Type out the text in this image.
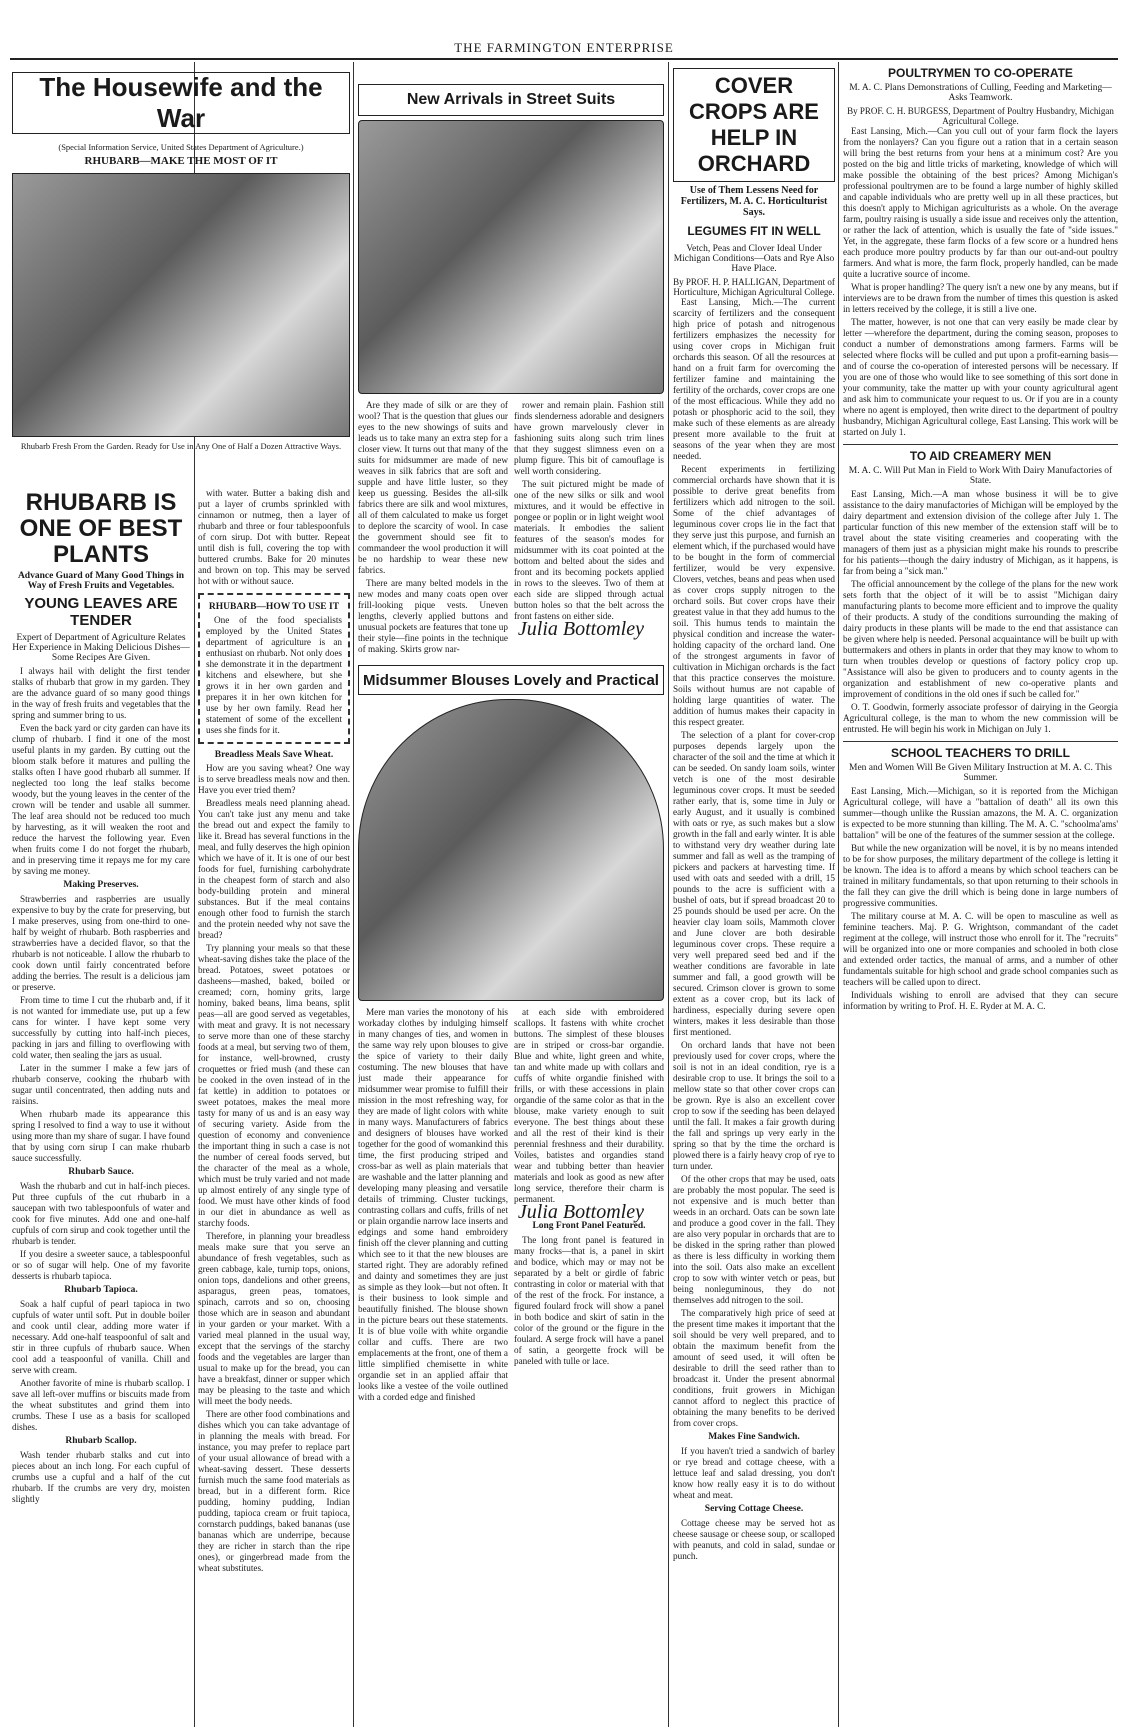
THE FARMINGTON ENTERPRISE
The Housewife and the War
(Special Information Service, United States Department of Agriculture.)
RHUBARB—MAKE THE MOST OF IT
Rhubarb Fresh From the Garden. Ready for Use in Any One of Half a Dozen Attractive Ways.
RHUBARB IS ONE OF BEST PLANTS
Advance Guard of Many Good Things in Way of Fresh Fruits and Vegetables.
YOUNG LEAVES ARE TENDER
Expert of Department of Agriculture Relates Her Experience in Making Delicious Dishes—Some Recipes Are Given.

I always hail with delight the first tender stalks of rhubarb that grow in my garden. They are the advance guard of so many good things in the way of fresh fruits and vegetables that the spring and summer bring to us.

Even the back yard or city garden can have its clump of rhubarb. I find it one of the most useful plants in my garden. By cutting out the bloom stalk before it matures and pulling the stalks often I have good rhubarb all summer. If neglected too long the leaf stalks become woody, but the young leaves in the center of the crown will be tender and usable all summer. The leaf area should not be reduced too much by harvesting, as it will weaken the root and reduce the harvest the following year. Even when fruits come I do not forget the rhubarb, and in preserving time it repays me for my care by saving me money.

Making Preserves.

Strawberries and raspberries are usually expensive to buy by the crate for preserving, but I make preserves, using from one-third to one-half by weight of rhubarb. Both raspberries and strawberries have a decided flavor, so that the rhubarb is not noticeable. I allow the rhubarb to cook down until fairly concentrated before adding the berries. The result is a delicious jam or preserve.

From time to time I cut the rhubarb and, if it is not wanted for immediate use, put up a few cans for winter. I have kept some very successfully by cutting into half-inch pieces, packing in jars and filling to overflowing with cold water, then sealing the jars as usual.

Later in the summer I make a few jars of rhubarb conserve, cooking the rhubarb with sugar until concentrated, then adding nuts and raisins.

When rhubarb made its appearance this spring I resolved to find a way to use it without using more than my share of sugar. I have found that by using corn sirup I can make rhubarb sauce successfully.

Rhubarb Sauce.

Wash the rhubarb and cut in half-inch pieces. Put three cupfuls of the cut rhubarb in a saucepan with two tablespoonfuls of water and cook for five minutes. Add one and one-half cupfuls of corn sirup and cook together until the rhubarb is tender.

If you desire a sweeter sauce, a tablespoonful or so of sugar will help. One of my favorite desserts is rhubarb tapioca.

Rhubarb Tapioca.

Soak a half cupful of pearl tapioca in two cupfuls of water until soft. Put in double boiler and cook until clear, adding more water if necessary. Add one-half teaspoonful of salt and stir in three cupfuls of rhubarb sauce. When cool add a teaspoonful of vanilla. Chill and serve with cream.

Another favorite of mine is rhubarb scallop. I save all left-over muffins or biscuits made from the wheat substitutes and grind them into crumbs. These I use as a basis for scalloped dishes.

Rhubarb Scallop.

Wash tender rhubarb stalks and cut into pieces about an inch long. For each cupful of crumbs use a cupful and a half of the cut rhubarb. If the crumbs are very dry, moisten slightly

with water. Butter a baking dish and put a layer of crumbs sprinkled with cinnamon or nutmeg, then a layer of rhubarb and three or four tablespoonfuls of corn sirup. Dot with butter. Repeat until dish is full, covering the top with buttered crumbs. Bake for 20 minutes and brown on top. This may be served hot with or without sauce.

RHUBARB—HOW TO USE IT

One of the food specialists employed by the United States department of agriculture is an enthusiast on rhubarb. Not only does she demonstrate it in the department kitchens and elsewhere, but she grows it in her own garden and prepares it in her own kitchen for use by her own family. Read her statement of some of the excellent uses she finds for it.

Breadless Meals Save Wheat.

How are you saving wheat? One way is to serve breadless meals now and then. Have you ever tried them?

Breadless meals need planning ahead. You can't take just any menu and take the bread out and expect the family to like it. Bread has several functions in the meal, and fully deserves the high opinion which we have of it. It is one of our best foods for fuel, furnishing carbohydrate in the cheapest form of starch and also body-building protein and mineral substances. But if the meal contains enough other food to furnish the starch and the protein needed why not save the bread?

Try planning your meals so that these wheat-saving dishes take the place of the bread. Potatoes, sweet potatoes or dasheens—mashed, baked, boiled or creamed; corn, hominy grits, large hominy, baked beans, lima beans, split peas—all are good served as vegetables, with meat and gravy. It is not necessary to serve more than one of these starchy foods at a meal, but serving two of them, for instance, well-browned, crusty croquettes or fried mush (and these can be cooked in the oven instead of in the fat kettle) in addition to potatoes or sweet potatoes, makes the meal more tasty for many of us and is an easy way of securing variety. Aside from the question of economy and convenience the important thing in such a case is not the number of cereal foods served, but the character of the meal as a whole, which must be truly varied and not made up almost entirely of any single type of food. We must have other kinds of food in our diet in abundance as well as starchy foods.

Therefore, in planning your breadless meals make sure that you serve an abundance of fresh vegetables, such as green cabbage, kale, turnip tops, onions, onion tops, dandelions and other greens, asparagus, green peas, tomatoes, spinach, carrots and so on, choosing those which are in season and abundant in your garden or your market. With a varied meal planned in the usual way, except that the servings of the starchy foods and the vegetables are larger than usual to make up for the bread, you can have a breakfast, dinner or supper which may be pleasing to the taste and which will meet the body needs.

There are other food combinations and dishes which you can take advantage of in planning the meals with bread. For instance, you may prefer to replace part of your usual allowance of bread with a wheat-saving dessert. These desserts furnish much the same food materials as bread, but in a different form. Rice pudding, hominy pudding, Indian pudding, tapioca cream or fruit tapioca, cornstarch puddings, baked bananas (use bananas which are underripe, because they are richer in starch than the ripe ones), or gingerbread made from the wheat substitutes.

New Arrivals in Street Suits

Are they made of silk or are they of wool? That is the question that glues our eyes to the new showings of suits and leads us to take many an extra step for a closer view. It turns out that many of the suits for midsummer are made of new weaves in silk fabrics that are soft and supple and have little luster, so they keep us guessing. Besides the all-silk fabrics there are silk and wool mixtures, all of them calculated to make us forget to deplore the scarcity of wool. In case the government should see fit to commandeer the wool production it will be no hardship to wear these new fabrics.

There are many belted models in the new modes and many coats open over frill-looking pique vests. Uneven lengths, cleverly applied buttons and unusual pockets are features that tone up their style—fine points in the technique of making. Skirts grow nar-

rower and remain plain. Fashion still finds slenderness adorable and designers have grown marvelously clever in fashioning suits along such trim lines that they suggest slimness even on a plump figure. This bit of camouflage is well worth considering.

The suit pictured might be made of one of the new silks or silk and wool mixtures, and it would be effective in pongee or poplin or in light weight wool materials. It embodies the salient features of the season's modes for midsummer with its coat pointed at the bottom and belted about the sides and front and its becoming pockets applied in rows to the sleeves. Two of them at each side are slipped through actual button holes so that the belt across the front fastens on either side.

Julia Bottomley
Midsummer Blouses Lovely and Practical

Mere man varies the monotony of his workaday clothes by indulging himself in many changes of ties, and women in the same way rely upon blouses to give the spice of variety to their daily costuming. The new blouses that have just made their appearance for midsummer wear promise to fulfill their mission in the most refreshing way, for they are made of light colors with white in many ways. Manufacturers of fabrics and designers of blouses have worked together for the good of womankind this time, the first producing striped and cross-bar as well as plain materials that are washable and the latter planning and developing many pleasing and versatile details of trimming. Cluster tuckings, contrasting collars and cuffs, frills of net or plain organdie narrow lace inserts and edgings and some hand embroidery finish off the clever planning and cutting which see to it that the new blouses are started right. They are adorably refined and dainty and sometimes they are just as simple as they look—but not often. It is their business to look simple and beautifully finished. The blouse shown in the picture bears out these statements. It is of blue voile with white organdie collar and cuffs. There are two emplacements at the front, one of them a little simplified chemisette in white organdie set in an applied affair that looks like a vestee of the voile outlined with a corded edge and finished

at each side with embroidered scallops. It fastens with white crochet buttons. The simplest of these blouses are in striped or cross-bar organdie. Blue and white, light green and white, tan and white made up with collars and cuffs of white organdie finished with frills, or with these accessions in plain organdie of the same color as that in the blouse, make variety enough to suit everyone. The best things about these and all the rest of their kind is their perennial freshness and their durability. Voiles, batistes and organdies stand wear and tubbing better than heavier materials and look as good as new after long service, therefore their charm is permanent.

Julia Bottomley
Long Front Panel Featured.

The long front panel is featured in many frocks—that is, a panel in skirt and bodice, which may or may not be separated by a belt or girdle of fabric contrasting in color or material with that of the rest of the frock. For instance, a figured foulard frock will show a panel in both bodice and skirt of satin in the color of the ground or the figure in the foulard. A serge frock will have a panel of satin, a georgette frock will be paneled with tulle or lace.

COVER CROPS ARE HELP IN ORCHARD
Use of Them Lessens Need for Fertilizers, M. A. C. Horticulturist Says.
LEGUMES FIT IN WELL
Vetch, Peas and Clover Ideal Under Michigan Conditions—Oats and Rye Also Have Place.
By PROF. H. P. HALLIGAN, Department of Horticulture, Michigan Agricultural College.

East Lansing, Mich.—The current scarcity of fertilizers and the consequent high price of potash and nitrogenous fertilizers emphasizes the necessity for using cover crops in Michigan fruit orchards this season. Of all the resources at hand on a fruit farm for overcoming the fertilizer famine and maintaining the fertility of the orchards, cover crops are one of the most efficacious. While they add no potash or phosphoric acid to the soil, they make such of these elements as are already present more available to the fruit at seasons of the year when they are most needed.

Recent experiments in fertilizing commercial orchards have shown that it is possible to derive great benefits from fertilizers which add nitrogen to the soil. Some of the chief advantages of leguminous cover crops lie in the fact that they serve just this purpose, and furnish an element which, if the purchased would have to be bought in the form of commercial fertilizer, would be very expensive. Clovers, vetches, beans and peas when used as cover crops supply nitrogen to the orchard soils. But cover crops have their greatest value in that they add humus to the soil. This humus tends to maintain the physical condition and increase the water-holding capacity of the orchard land. One of the strongest arguments in favor of cultivation in Michigan orchards is the fact that this practice conserves the moisture. Soils without humus are not capable of holding large quantities of water. The addition of humus makes their capacity in this respect greater.

The selection of a plant for cover-crop purposes depends largely upon the character of the soil and the time at which it can be seeded. On sandy loam soils, winter vetch is one of the most desirable leguminous cover crops. It must be seeded rather early, that is, some time in July or early August, and it usually is combined with oats or rye, as such makes but a slow growth in the fall and early winter. It is able to withstand very dry weather during late summer and fall as well as the tramping of pickers and packers at harvesting time. If used with oats and seeded with a drill, 15 pounds to the acre is sufficient with a bushel of oats, but if spread broadcast 20 to 25 pounds should be used per acre. On the heavier clay loam soils, Mammoth clover and June clover are both desirable leguminous cover crops. These require a very well prepared seed bed and if the weather conditions are favorable in late summer and fall, a good growth will be secured. Crimson clover is grown to some extent as a cover crop, but its lack of hardiness, especially during severe open winters, makes it less desirable than those first mentioned.

On orchard lands that have not been previously used for cover crops, where the soil is not in an ideal condition, rye is a desirable crop to use. It brings the soil to a mellow state so that other cover crops can be grown. Rye is also an excellent cover crop to sow if the seeding has been delayed until the fall. It makes a fair growth during the fall and springs up very early in the spring so that by the time the orchard is plowed there is a fairly heavy crop of rye to turn under.

Of the other crops that may be used, oats are probably the most popular. The seed is not expensive and is much better than weeds in an orchard. Oats can be sown late and produce a good cover in the fall. They are also very popular in orchards that are to be disked in the spring rather than plowed as there is less difficulty in working them into the soil. Oats also make an excellent crop to sow with winter vetch or peas, but being nonleguminous, they do not themselves add nitrogen to the soil.

The comparatively high price of seed at the present time makes it important that the soil should be very well prepared, and to obtain the maximum benefit from the amount of seed used, it will often be desirable to drill the seed rather than to broadcast it. Under the present abnormal conditions, fruit growers in Michigan cannot afford to neglect this practice of obtaining the many benefits to be derived from cover crops.

Makes Fine Sandwich.

If you haven't tried a sandwich of barley or rye bread and cottage cheese, with a lettuce leaf and salad dressing, you don't know how really easy it is to do without wheat and meat.

Serving Cottage Cheese.

Cottage cheese may be served hot as cheese sausage or cheese soup, or scalloped with peanuts, and cold in salad, sundae or punch.

POULTRYMEN TO CO-OPERATE
M. A. C. Plans Demonstrations of Culling, Feeding and Marketing—Asks Teamwork.
By PROF. C. H. BURGESS, Department of Poultry Husbandry, Michigan Agricultural College.

East Lansing, Mich.—Can you cull out of your farm flock the layers from the nonlayers? Can you figure out a ration that in a certain season will bring the best returns from your hens at a minimum cost? Are you posted on the big and little tricks of marketing, knowledge of which will make possible the obtaining of the best prices? Among Michigan's professional poultrymen are to be found a large number of highly skilled and capable individuals who are pretty well up in all these practices, but this doesn't apply to Michigan agriculturists as a whole. On the average farm, poultry raising is usually a side issue and receives only the attention, or rather the lack of attention, which is usually the fate of "side issues." Yet, in the aggregate, these farm flocks of a few score or a hundred hens each produce more poultry products by far than our out-and-out poultry farmers. And what is more, the farm flock, properly handled, can be made quite a lucrative source of income.

What is proper handling? The query isn't a new one by any means, but if interviews are to be drawn from the number of times this question is asked in letters received by the college, it is still a live one.

The matter, however, is not one that can very easily be made clear by letter —wherefore the department, during the coming season, proposes to conduct a number of demonstrations among farmers. Farms will be selected where flocks will be culled and put upon a profit-earning basis—and of course the co-operation of interested persons will be necessary. If you are one of those who would like to see something of this sort done in your community, take the matter up with your county agricultural agent and ask him to communicate your request to us. Or if you are in a county where no agent is employed, then write direct to the department of poultry husbandry, Michigan Agricultural college, East Lansing. This work will be started on July 1.

TO AID CREAMERY MEN
M. A. C. Will Put Man in Field to Work With Dairy Manufactories of State.

East Lansing, Mich.—A man whose business it will be to give assistance to the dairy manufactories of Michigan will be employed by the dairy department and extension division of the college after July 1. The particular function of this new member of the extension staff will be to travel about the state visiting creameries and cooperating with the managers of them just as a physician might make his rounds to prescribe for his patients—though the dairy industry of Michigan, as it happens, is far from being a "sick man."

The official announcement by the college of the plans for the new work sets forth that the object of it will be to assist "Michigan dairy manufacturing plants to become more efficient and to improve the quality of their products. A study of the conditions surrounding the making of dairy products in these plants will be made to the end that assistance can be given where help is needed. Personal acquaintance will be built up with buttermakers and others in plants in order that they may know to whom to turn when troubles develop or questions of factory policy crop up. "Assistance will also be given to producers and to county agents in the organization and establishment of new co-operative plants and improvement of conditions in the old ones if such be called for."

O. T. Goodwin, formerly associate professor of dairying in the Georgia Agricultural college, is the man to whom the new commission will be entrusted. He will begin his work in Michigan on July 1.

SCHOOL TEACHERS TO DRILL
Men and Women Will Be Given Military Instruction at M. A. C. This Summer.

East Lansing, Mich.—Michigan, so it is reported from the Michigan Agricultural college, will have a "battalion of death" all its own this summer—though unlike the Russian amazons, the M. A. C. organization is expected to be more stunning than killing. The M. A. C. "schoolma'ams' battalion" will be one of the features of the summer session at the college.

But while the new organization will be novel, it is by no means intended to be for show purposes, the military department of the college is letting it be known. The idea is to afford a means by which school teachers can be trained in military fundamentals, so that upon returning to their schools in the fall they can give the drill which is being done in large numbers of progressive communities.

The military course at M. A. C. will be open to masculine as well as feminine teachers. Maj. P. G. Wrightson, commandant of the cadet regiment at the college, will instruct those who enroll for it. The "recruits" will be organized into one or more companies and schooled in both close and extended order tactics, the manual of arms, and a number of other fundamentals suitable for high school and grade school companies such as teachers will be called upon to direct.

Individuals wishing to enroll are advised that they can secure information by writing to Prof. H. E. Ryder at M. A. C.
